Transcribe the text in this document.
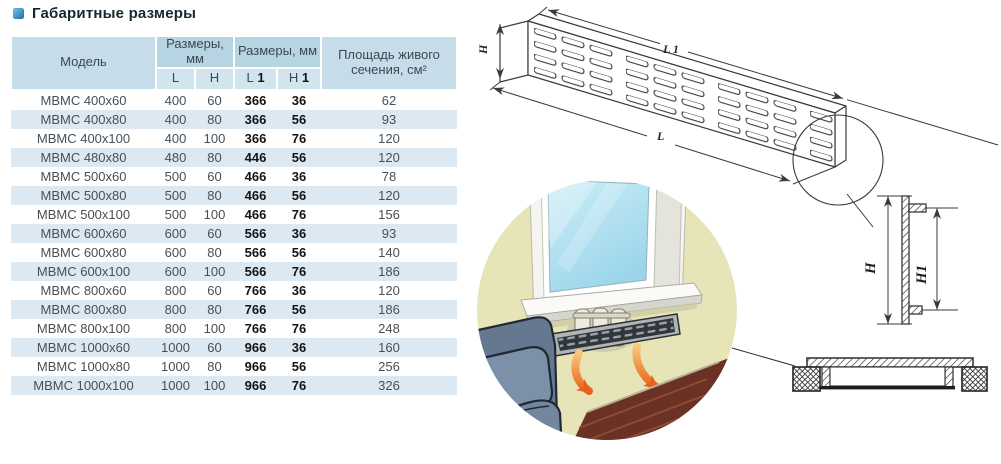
Габаритные размеры
Модель	Размеры, мм		Размеры, мм		Площадь живого сечения, см²
	L	H	L 1	H 1	
МВМС 400х60	400	60	366	36	62
МВМС 400х80	400	80	366	56	93
МВМС 400х100	400	100	366	76	120
МВМС 480х80	480	80	446	56	120
МВМС 500х60	500	60	466	36	78
МВМС 500х80	500	80	466	56	120
МВМС 500х100	500	100	466	76	156
МВМС 600х60	600	60	566	36	93
МВМС 600х80	600	80	566	56	140
МВМС 600х100	600	100	566	76	186
МВМС 800х60	800	60	766	36	120
МВМС 800х80	800	80	766	56	186
МВМС 800х100	800	100	766	76	248
МВМС 1000х60	1000	60	966	36	160
МВМС 1000х80	1000	80	966	56	256
МВМС 1000х100	1000	100	966	76	326
H	L 1
L
H H1
